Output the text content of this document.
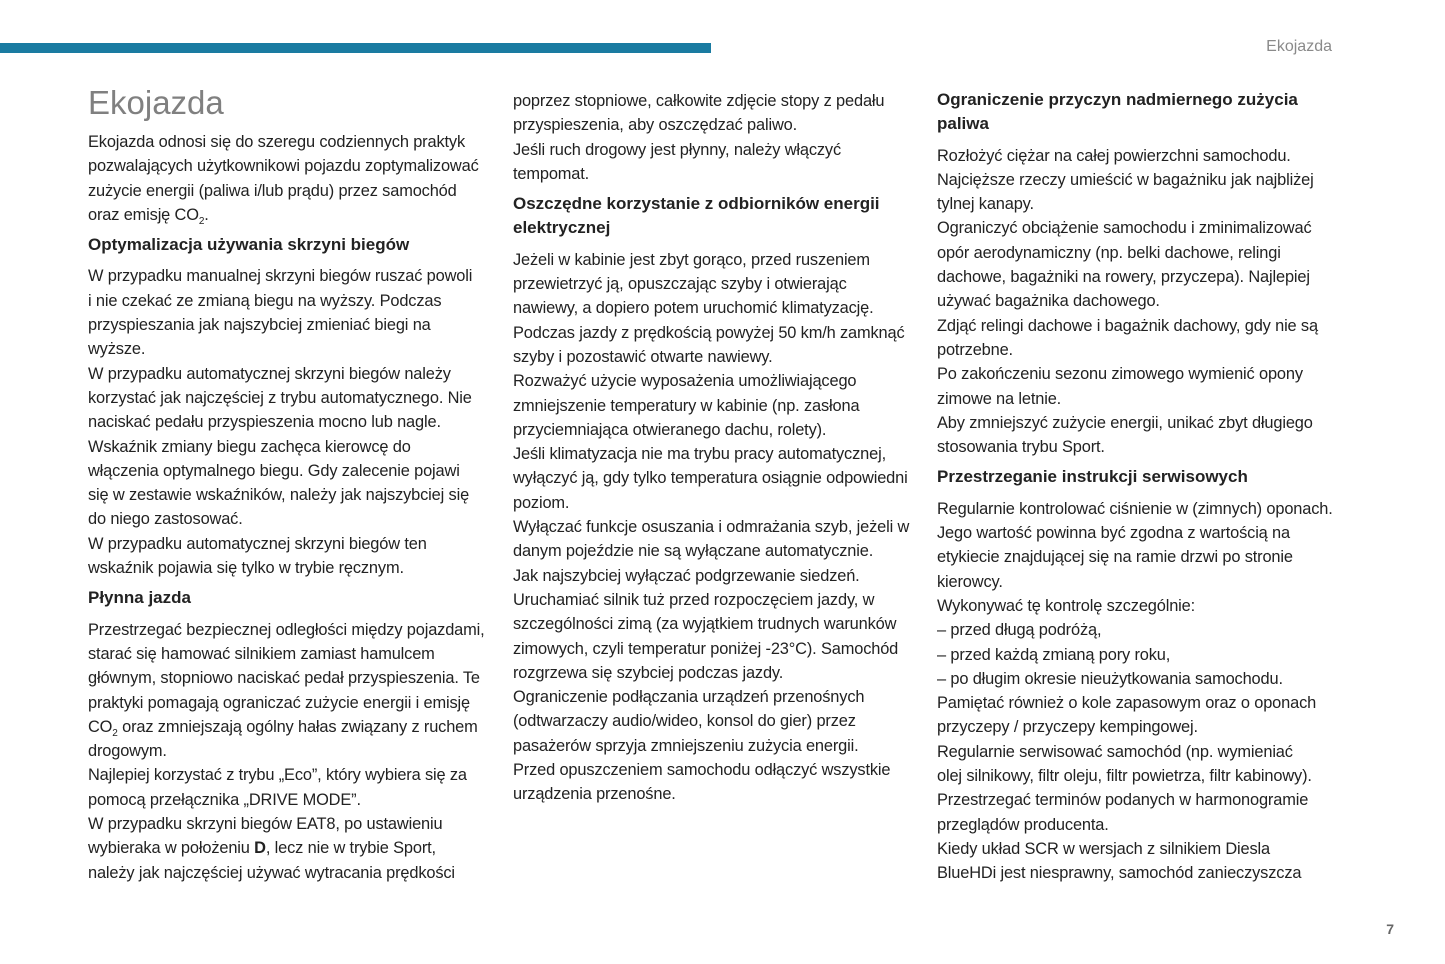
Ekojazda
Ekojazda
Ekojazda odnosi się do szeregu codziennych praktyk
pozwalających użytkownikowi pojazdu zoptymalizować
zużycie energii (paliwa i/lub prądu) przez samochód
oraz emisję $CO_2$.
Optymalizacja używania skrzyni biegów
W przypadku manualnej skrzyni biegów ruszać powoli
i nie czekać ze zmianą biegu na wyższy. Podczas
przyspieszania jak najszybciej zmieniać biegi na
wyższe.
W przypadku automatycznej skrzyni biegów należy
korzystać jak najczęściej z trybu automatycznego. Nie
naciskać pedału przyspieszenia mocno lub nagle.
Wskaźnik zmiany biegu zachęca kierowcę do
włączenia optymalnego biegu. Gdy zalecenie pojawi
się w zestawie wskaźników, należy jak najszybciej się
do niego zastosować.
W przypadku automatycznej skrzyni biegów ten
wskaźnik pojawia się tylko w trybie ręcznym.
Płynna jazda
Przestrzegać bezpiecznej odległości między pojazdami,
starać się hamować silnikiem zamiast hamulcem
głównym, stopniowo naciskać pedał przyspieszenia. Te
praktyki pomagają ograniczać zużycie energii i emisję
$CO_2$ oraz zmniejszają ogólny hałas związany z ruchem
drogowym.
Najlepiej korzystać z trybu „Eco”, który wybiera się za
pomocą przełącznika „DRIVE MODE”.
W przypadku skrzyni biegów EAT8, po ustawieniu
wybieraka w położeniu D, lecz nie w trybie Sport,
należy jak najczęściej używać wytracania prędkości
poprzez stopniowe, całkowite zdjęcie stopy z pedału
przyspieszenia, aby oszczędzać paliwo.
Jeśli ruch drogowy jest płynny, należy włączyć
tempomat.
Oszczędne korzystanie z odbiorników energii
elektrycznej
Jeżeli w kabinie jest zbyt gorąco, przed ruszeniem
przewietrzyć ją, opuszczając szyby i otwierając
nawiewy, a dopiero potem uruchomić klimatyzację.
Podczas jazdy z prędkością powyżej 50 km/h zamknąć
szyby i pozostawić otwarte nawiewy.
Rozważyć użycie wyposażenia umożliwiającego
zmniejszenie temperatury w kabinie (np. zasłona
przyciemniająca otwieranego dachu, rolety).
Jeśli klimatyzacja nie ma trybu pracy automatycznej,
wyłączyć ją, gdy tylko temperatura osiągnie odpowiedni
poziom.
Wyłączać funkcje osuszania i odmrażania szyb, jeżeli w
danym pojeździe nie są wyłączane automatycznie.
Jak najszybciej wyłączać podgrzewanie siedzeń.
Uruchamiać silnik tuż przed rozpoczęciem jazdy, w
szczególności zimą (za wyjątkiem trudnych warunków
zimowych, czyli temperatur poniżej -23°C). Samochód
rozgrzewa się szybciej podczas jazdy.
Ograniczenie podłączania urządzeń przenośnych
(odtwarzaczy audio/wideo, konsol do gier) przez
pasażerów sprzyja zmniejszeniu zużycia energii.
Przed opuszczeniem samochodu odłączyć wszystkie
urządzenia przenośne.
Ograniczenie przyczyn nadmiernego zużycia
paliwa
Rozłożyć ciężar na całej powierzchni samochodu.
Najcięższe rzeczy umieścić w bagażniku jak najbliżej
tylnej kanapy.
Ograniczyć obciążenie samochodu i zminimalizować
opór aerodynamiczny (np. belki dachowe, relingi
dachowe, bagażniki na rowery, przyczepa). Najlepiej
używać bagażnika dachowego.
Zdjąć relingi dachowe i bagażnik dachowy, gdy nie są
potrzebne.
Po zakończeniu sezonu zimowego wymienić opony
zimowe na letnie.
Aby zmniejszyć zużycie energii, unikać zbyt długiego
stosowania trybu Sport.
Przestrzeganie instrukcji serwisowych
Regularnie kontrolować ciśnienie w (zimnych) oponach.
Jego wartość powinna być zgodna z wartością na
etykiecie znajdującej się na ramie drzwi po stronie
kierowcy.
Wykonywać tę kontrolę szczególnie:
– przed długą podróżą,
– przed każdą zmianą pory roku,
– po długim okresie nieużytkowania samochodu.
Pamiętać również o kole zapasowym oraz o oponach
przyczepy / przyczepy kempingowej.
Regularnie serwisować samochód (np. wymieniać
olej silnikowy, filtr oleju, filtr powietrza, filtr kabinowy).
Przestrzegać terminów podanych w harmonogramie
przeglądów producenta.
Kiedy układ SCR w wersjach z silnikiem Diesla
BlueHDi jest niesprawny, samochód zanieczyszcza
7
